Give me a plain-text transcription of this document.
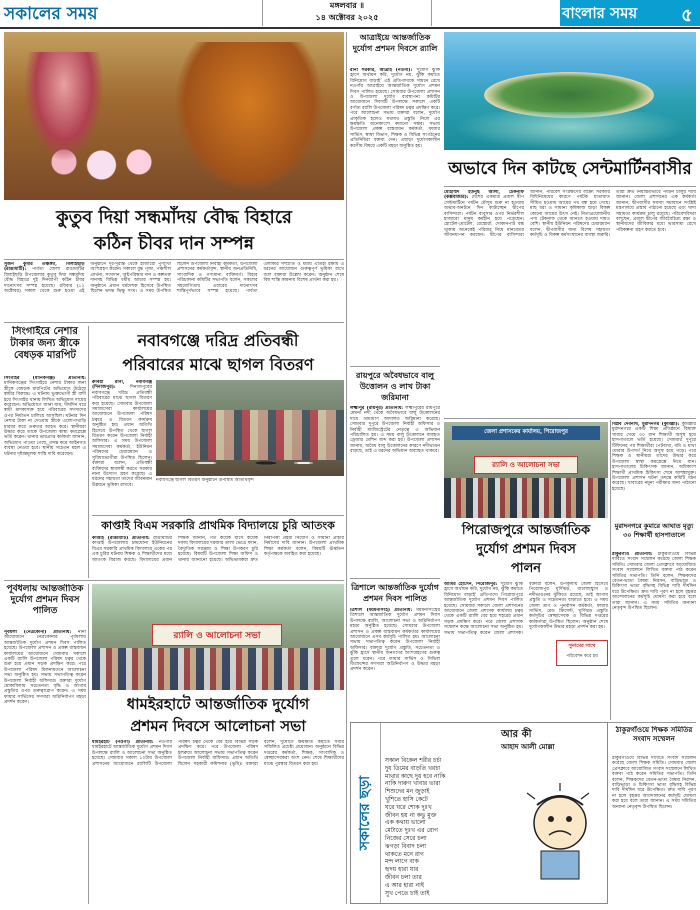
সকালের সময়	মঙ্গলবার ॥
১৪ অক্টোবর ২০২৫	বাংলার সময়	৫
কুতুব দিয়া সন্ধমাঁদয় বৌদ্ধ বিহারে
কঠিন চীবর দান সম্পন্ন
সুজন কুমার তঞ্চঙ্গ্যা, বিলাইছড়ি (রাঙামাটি): পার্বত্য জেলা রাঙামাটির বিলাইছড়ি উপজেলার কুতুব দিয়া সন্ধমাঁদয় বৌদ্ধ বিহারে দুই দিনব্যাপী কঠিন চীবর দানোৎসব সম্পন্ন হয়েছে। রবিবার (১২ অক্টোবর) সকাল থেকে শুরু হওয়া এই অনুষ্ঠানে দূর-দূরান্ত থেকে হাজারো পুণ্যার্থী অংশগ্রহণ করেন। সকালে বুদ্ধ পূজা, পঞ্চশীল প্রার্থনা, সংঘদান, অষ্টপরিষ্কার দান ও কল্পতরু দানসহ বিভিন্ন ধর্মীয় আচার সম্পন্ন হয়। অনুষ্ঠানে প্রধান ধর্মদেশক হিসেবে উপস্থিত ছিলেন ভদন্ত ভিক্ষু সংঘ। এ সময় উপস্থিত ছিলেন উপজেলা নির্বাহী কর্মকর্তা, উপজেলা প্রশাসনের কর্মকর্তাবৃন্দ, স্থানীয় জনপ্রতিনিধি, সাংবাদিক ও গণ্যমান্য ব্যক্তিবর্গ। বিহার পরিচালনা কমিটির সভাপতি বলেন, সকলের সহযোগিতায় এবারের দানোৎসব শান্তিপূর্ণভাবে সম্পন্ন হয়েছে। পার্বত্য এলাকার সম্প্রীতি ও ধর্মীয় ঐতিহ্য রক্ষায় এ ধরনের আয়োজন গুরুত্বপূর্ণ ভূমিকা রাখে বলে বক্তারা উল্লেখ করেন। অনুষ্ঠান শেষে বিশ্ব শান্তি কামনায় বিশেষ প্রার্থনা করা হয়।
সিংগাইরে নেশার টাকার জন্য স্ত্রীকে বেধড়ক মারপিট
সিংগাইর (মানিকগঞ্জ) প্রতিনিধি: মানিকগঞ্জের সিংগাইরে নেশার টাকার জন্য স্ত্রীকে বেধড়ক মারপিটের অভিযোগ উঠেছে স্বামীর বিরুদ্ধে। এ ঘটনায় ভুক্তভোগী স্ত্রী বাদী হয়ে সিংগাইর থানায় লিখিত অভিযোগ দায়ের করেছেন। অভিযোগে জানা যায়, দীর্ঘদিন ধরে স্বামী মাদকাসক্ত হয়ে পরিবারের সদস্যদের ওপর নির্যাতন চালিয়ে আসছিল। ঘটনার দিন নেশার টাকা না দেওয়ায় স্ত্রীকে এলোপাথাড়ি মারধর করে গুরুতর আহত করে। স্থানীয়রা উদ্ধার করে তাকে উপজেলা স্বাস্থ্য কমপ্লেক্সে ভর্তি করেন। থানার ভারপ্রাপ্ত কর্মকর্তা জানান, অভিযোগ পাওয়া গেছে, তদন্ত করে আইনগত ব্যবস্থা নেওয়া হবে। স্থানীয় সচেতন মহল এ ঘটনার দৃষ্টান্তমূলক শাস্তি দাবি করেছেন।
নবাবগঞ্জে দরিদ্র প্রতিবন্ধী
পরিবারের মাঝে ছাগল বিতরণ
রুবিয়া রানা, নবাবগঞ্জ (দিনাজপুর):	দিনাজপুরের নবাবগঞ্জে দরিদ্র প্রতিবন্ধী পরিবারের মাঝে ছাগল বিতরণ করা হয়েছে। সোমবার উপজেলা সমাজসেবা কার্যালয়ের আয়োজনে উপজেলা পরিষদ চত্বরে এ বিতরণ কার্যক্রম অনুষ্ঠিত হয়। প্রধান অতিথি হিসেবে উপস্থিত থেকে ছাগল বিতরণ করেন উপজেলা নির্বাহী অফিসার। এ সময় উপজেলা সমাজসেবা কর্মকর্তা, ইউনিয়ন পরিষদের চেয়ারম্যান ও সুবিধাভোগীরা উপস্থিত ছিলেন। বক্তারা বলেন, প্রতিবন্ধী ব্যক্তিদের স্বাবলম্বী করতে সরকার নানা উদ্যোগ গ্রহণ করেছে। এ ধরনের সহায়তা তাদের জীবনমান উন্নয়নে ভূমিকা রাখবে।
নবাবগঞ্জে ছাগল বিতরণ অনুষ্ঠানে উপস্থিত অতিথিবৃন্দ
কাপ্তাই বিএম সরকারি প্রাথমিক বিদ্যালয়ে চুরি আতংক
কাপ্তাই (রাঙামাটি) প্রতিনিধি: রাঙামাটির কাপ্তাই উপজেলার চন্দ্রঘোনা ইউনিয়নের বিএম সরকারি প্রাথমিক বিদ্যালয়ে একের পর এক চুরির ঘটনায় শিক্ষক ও শিক্ষার্থীদের মধ্যে আতংক বিরাজ করছে। বিদ্যালয়ের প্রধান শিক্ষক জানান, গত কয়েক মাসে কয়েক দফায় বিদ্যালয়ের দরজার তালা ভেঙে ফ্যান, বৈদ্যুতিক সরঞ্জাম ও শিক্ষা উপকরণ চুরি হয়েছে। বিষয়টি উপজেলা শিক্ষা অফিস ও থানায় জানানো হয়েছে। অভিভাবকরা দ্রুত নিরাপত্তা প্রহরী নিয়োগ ও সীমানা প্রাচীর নির্মাণের দাবি জানান। উপজেলা প্রাথমিক শিক্ষা কর্মকর্তা বলেন, বিষয়টি ঊর্ধ্বতন কর্তৃপক্ষকে অবহিত করা হয়েছে।
পূর্বধলায় আন্তর্জাতিক দুর্যোগ প্রশমন দিবস পালিত
পূর্বধলা (নেত্রকোনা) প্রতিনিধি: নানা আয়োজনে নেত্রকোনার পূর্বধলায় আন্তর্জাতিক দুর্যোগ প্রশমন দিবস পালিত হয়েছে। উপজেলা প্রশাসন ও প্রকল্প বাস্তবায়ন কার্যালয়ের আয়োজনে সোমবার সকালে একটি র‌্যালি উপজেলা পরিষদ চত্বর থেকে শুরু হয়ে প্রধান সড়ক প্রদক্ষিণ করে। পরে উপজেলা পরিষদ মিলনায়তনে আলোচনা সভা অনুষ্ঠিত হয়। সভায় সভাপতিত্ব করেন উপজেলা নির্বাহী অফিসার। বক্তারা দুর্যোগ মোকাবিলায় সচেতনতা বৃদ্ধি ও আগাম প্রস্তুতির ওপর গুরুত্বারোপ করেন। এ সময় ফায়ার সার্ভিসের সদস্যরা অগ্নিনির্বাপণ মহড়া প্রদর্শন করেন।
র‌্যালি ও আলোচনা সভা
ধামইরহাটে আন্তর্জাতিক দুর্যোগ
প্রশমন দিবসে আলোচনা সভা
ধামইরহাট (নওগাঁ) প্রতিনিধি: নওগাঁর ধামইরহাটে আন্তর্জাতিক দুর্যোগ প্রশমন দিবস উপলক্ষে র‌্যালি ও আলোচনা সভা অনুষ্ঠিত হয়েছে। সোমবার সকাল ১০টায় উপজেলা প্রশাসনের আয়োজনে র‌্যালিটি উপজেলা পরিষদ চত্বর থেকে বের হয়ে বিভিন্ন সড়ক প্রদক্ষিণ করে। পরে উপজেলা পরিষদ হলরুমে আলোচনা সভায় সভাপতিত্ব করেন উপজেলা নির্বাহী অফিসার। প্রধান অতিথি ছিলেন সহকারী কমিশনার (ভূমি)। বক্তারা বলেন, দুর্যোগে ক্ষয়ক্ষতি কমাতে সবার সম্মিলিত প্রচেষ্টা প্রয়োজন। অনুষ্ঠানে বিভিন্ন দপ্তরের কর্মকর্তা, শিক্ষক, সাংবাদিক ও স্বেচ্ছাসেবকরা অংশ নেন। শেষে শিক্ষার্থীদের মাঝে পুরস্কার বিতরণ করা হয়।
আত্রাইয়ে আন্তর্জাতিক দুর্যোগ প্রশমন দিবসে র‌্যালি
রানা সরকার, আত্রাই (নওগাঁ): ‘দুর্যোগ ঝুঁকি হ্রাসে অর্থায়ন করি, দুর্যোগ নয়, ঝুঁকি কমাতে বিনিয়োগ বাড়াই’ এই প্রতিপাদ্যকে সামনে রেখে নওগাঁর আত্রাইয়ে আন্তর্জাতিক দুর্যোগ প্রশমন দিবস পালিত হয়েছে। সোমবার উপজেলা প্রশাসন ও উপজেলা দুর্যোগ ব্যবস্থাপনা কমিটির আয়োজনে দিবসটি উপলক্ষে সকালে একটি বর্ণাঢ্য র‌্যালি উপজেলা পরিষদ চত্বর প্রদক্ষিণ করে। পরে আলোচনা সভায় বক্তারা বলেন, দুর্যোগ প্রাকৃতিক হলেও যথাযথ প্রস্তুতি নিলে এর ক্ষয়ক্ষতি অনেকাংশে কমানো সম্ভব। সভায় উপজেলা প্রকল্প বাস্তবায়ন কর্মকর্তা, ফায়ার সার্ভিস, স্বাস্থ্য বিভাগ, শিক্ষক ও বিভিন্ন সংগঠনের প্রতিনিধিরা বক্তব্য দেন। এছাড়া দুর্যোগকালীন করণীয় বিষয়ে একটি মহড়া অনুষ্ঠিত হয়।
অভাবে দিন কাটছে সেন্টমার্টিনবাসীর
মোহাম্মদ ইউনুছ আলী, টেকনাফ (কক্সবাজার): দেশের একমাত্র প্রবাল দ্বীপ সেন্টমার্টিনে পর্যটন মৌসুম শুরু না হওয়ায় অভাব-অনটনে দিন কাটাচ্ছেন দ্বীপের বাসিন্দারা। পর্যটন ব্যবসার ওপর নির্ভরশীল হাজারো মানুষ কর্মহীন হয়ে পড়েছেন। হোটেল-মোটেল, রেস্তোরাঁ, দোকানপাট বন্ধ থাকায় অনেকেই পরিবার নিয়ে মানবেতর জীবনযাপন করছেন। দ্বীপের বাসিন্দারা জানান, পরিবেশ সংরক্ষণের লক্ষ্যে সরকারি বিধিনিষেধের কারণে পর্যটক যাতায়াত সীমিত হওয়ায় আয়ের পথ বন্ধ হয়ে গেছে। মাছ ধরা ও সামান্য কৃষিকাজ ছাড়া বিকল্প কোনো আয়ের উৎস নেই। নিত্যপ্রয়োজনীয় পণ্য টেকনাফ থেকে আনতে হওয়ায় দামও বেশি। স্থানীয় ইউনিয়ন পরিষদের চেয়ারম্যান বলেন, দ্বীপবাসীর জন্য বিশেষ সহায়তা কর্মসূচি ও বিকল্প কর্মসংস্থানের ব্যবস্থা জরুরি। তারা দ্রুত নিয়ন্ত্রিতভাবে পর্যটন চালুর দাবি জানান। জেলা প্রশাসনের এক কর্মকর্তা জানান, দ্বীপবাসীর সমস্যা সমাধানে সংশ্লিষ্ট মন্ত্রণালয়ে প্রস্তাব পাঠানো হয়েছে এবং খাদ্য সহায়তা কার্যক্রম চালু রয়েছে। পরিবেশবিদরা বলছেন, প্রবাল দ্বীপের জীববৈচিত্র্য রক্ষা ও স্থানীয়দের জীবিকার মধ্যে ভারসাম্য রেখে পরিকল্পনা গ্রহণ করতে হবে।
রায়পুরে অবৈধভাবে বালু উত্তোলন ও লাখ টাকা জরিমানা
লক্ষ্মীপুর (রায়পুর) প্রতিনিধি: লক্ষ্মীপুরের রায়পুরে মেঘনা নদী থেকে অবৈধভাবে বালু উত্তোলনের দায়ে ভ্রাম্যমাণ আদালত জরিমানা করেছে। সোমবার দুপুরে উপজেলা নির্বাহী অফিসার ও নির্বাহী ম্যাজিস্ট্রেটের নেতৃত্বে এ অভিযান পরিচালিত হয়। এ সময় বালু উত্তোলনে ব্যবহৃত ড্রেজার মেশিন জব্দ করা হয়। উপজেলা প্রশাসন জানায়, অবৈধ বালু উত্তোলনের কারণে নদীভাঙন বাড়ছে, তাই এ ধরনের অভিযান অব্যাহত থাকবে।
ত্রিশালে আন্তর্জাতিক দুর্যোগ প্রশমন দিবস পালিত
ত্রিশাল (ময়মনসিংহ) প্রতিনিধি: ময়মনসিংহের ত্রিশালে আন্তর্জাতিক দুর্যোগ প্রশমন দিবস উপলক্ষে র‌্যালি, আলোচনা সভা ও অগ্নিনির্বাপণ মহড়া অনুষ্ঠিত হয়েছে। সোমবার উপজেলা প্রশাসন ও প্রকল্প বাস্তবায়ন কর্মকর্তার কার্যালয়ের আয়োজনে এসব কর্মসূচি পালিত হয়। আলোচনা সভায় সভাপতিত্ব করেন উপজেলা নির্বাহী অফিসার। বক্তারা দুর্যোগ প্রস্তুতি, সচেতনতা ও ঝুঁকি হ্রাসে স্থানীয় জনগণের অংশগ্রহণের গুরুত্ব তুলে ধরেন। পরে ফায়ার সার্ভিস ও সিভিল ডিফেন্সের সদস্যরা অগ্নিনির্বাপণ ও উদ্ধার মহড়া প্রদর্শন করেন।
জেলা প্রশাসকের কার্যালয়, পিরোজপুর
র‌্যালি ও আলোচনা সভা
বিপ্লব দেবনাথ, মুরাদনগর (কুমিল্লা): কুমিল্লার মুরাদনগরে একটি শিক্ষা প্রতিষ্ঠানে বিষাক্ত খাবার খেয়ে ৩০ জন শিক্ষার্থী অসুস্থ হয়ে হাসপাতালে ভর্তি হয়েছে। সোমবার দুপুরে টিফিনের পর শিক্ষার্থীরা পেটব্যথা, বমি ও মাথা ঘোরার উপসর্গ নিয়ে অসুস্থ হয়ে পড়ে। পরে শিক্ষক ও স্থানীয়রা তাদের উদ্ধার করে উপজেলা স্বাস্থ্য কমপ্লেক্সে নিয়ে যান। হাসপাতালের চিকিৎসক জানান, অধিকাংশ শিক্ষার্থী প্রাথমিক চিকিৎসা শেষে আশঙ্কামুক্ত। উপজেলা প্রশাসন ঘটনা তদন্তে কমিটি গঠন করেছে। খাবারের নমুনা পরীক্ষার জন্য পাঠানো হয়েছে।
পিরোজপুরে আন্তর্জাতিক
দুর্যোগ প্রশমন দিবস
পালন
আমির হোসেন, পিরোজপুর: ‘দুর্যোগ ঝুঁকি হ্রাসে অর্থায়ন করি, দুর্যোগ নয়, ঝুঁকি কমাতে বিনিয়োগ বাড়াই’ প্রতিপাদ্যে পিরোজপুরে আন্তর্জাতিক দুর্যোগ প্রশমন দিবস পালিত হয়েছে। সোমবার সকালে জেলা প্রশাসনের আয়োজনে জেলা প্রশাসক কার্যালয় চত্বর থেকে একটি র‌্যালি বের হয়ে শহরের প্রধান সড়ক প্রদক্ষিণ করে। পরে জেলা প্রশাসক সম্মেলন কক্ষে আলোচনা সভা অনুষ্ঠিত হয়। সভায় সভাপতিত্ব করেন জেলা প্রশাসক। বক্তারা বলেন, উপকূলীয় জেলা হিসেবে পিরোজপুর ঘূর্ণিঝড়, জলোচ্ছ্বাস ও নদীভাঙনের ঝুঁকিতে রয়েছে, তাই আগাম প্রস্তুতি ও সচেতনতা বাড়াতে হবে। এ সময় জেলা ত্রাণ ও পুনর্বাসন কর্মকর্তা, ফায়ার সার্ভিস, রেড ক্রিসেন্ট, ঘূর্ণিঝড় প্রস্তুতি কর্মসূচির স্বেচ্ছাসেবক ও বিভিন্ন দপ্তরের কর্মকর্তারা উপস্থিত ছিলেন। অনুষ্ঠান শেষে দুর্যোগকালীন উদ্ধার মহড়া প্রদর্শন করা হয়।
সুনামের সাথে
পরিবেশন করে হয়
মুরাদনগরে কুমারে আঘাত মৃত্যু ৩০ শিক্ষার্থী হাসপাতালে
ঠাকুরগাঁও প্রতিনিধি: ঠাকুরগাঁওয়ে বিভিন্ন দাবিতে সংবাদ সম্মেলন করেছে জেলা শিক্ষক সমিতি। সোমবার জেলা প্রেসক্লাবে আয়োজিত সংবাদ সম্মেলনে লিখিত বক্তব্য পাঠ করেন সমিতির সভাপতি। তিনি বলেন, শিক্ষকদের বেতন-ভাতা বৈষম্য নিরসন, বাড়িভাড়া ও চিকিৎসা ভাতা বৃদ্ধিসহ বিভিন্ন দাবি দীর্ঘদিন ধরে উপেক্ষিত। দ্রুত দাবি পূরণ না হলে বৃহত্তর আন্দোলনের কর্মসূচি ঘোষণা করা হবে বলে তারা জানান। এ সময় সমিতির অন্যান্য নেতৃবৃন্দ উপস্থিত ছিলেন।
ঠাকুরগাঁওয়ে শিক্ষক সমিতির সংবাদ সম্মেলন
ঠাকুরগাঁওয়ে বিভিন্ন দাবিতে সংবাদ সম্মেলন করেছে জেলা শিক্ষক সমিতি। সোমবার জেলা প্রেসক্লাবে আয়োজিত সংবাদ সম্মেলনে লিখিত বক্তব্য পাঠ করেন সমিতির সভাপতি। তিনি বলেন, শিক্ষকদের বেতন-ভাতা বৈষম্য নিরসন, বাড়িভাড়া ও চিকিৎসা ভাতা বৃদ্ধিসহ বিভিন্ন দাবি দীর্ঘদিন ধরে উপেক্ষিত। দ্রুত দাবি পূরণ না হলে বৃহত্তর আন্দোলনের কর্মসূচি ঘোষণা করা হবে বলে তারা জানান। এ সময় সমিতির অন্যান্য নেতৃবৃন্দ উপস্থিত ছিলেন।
সকালের ছড়া
আর কী
আহাদ আলী মোল্লা
সকাল বিকেল শরীর চর্চা
দুধ ডিমের বাড়তি খরচা
মাথার কাছে দুধ হবে নাকি
নাকি দারুণ খাবার ভারা
শিশুদের মন জুড়াই
খুশিতে হাসি কেটে
ঘরে ঘরে শোক দুঃখ
জীবন হয় না কভু মুক্ত
এক কথায় ভালো
মেটাতে দুঃখ এর রোগ
নিজের সেরে চলা
ঝগড়া বিবাদ চলা
থাকতে মনে রাগ
মন্দ লাগে বাক
হৃদয় হারা যার
জীবন চলা তার
এ আর হারা নাই
সুখ পেতে চাই তাই
